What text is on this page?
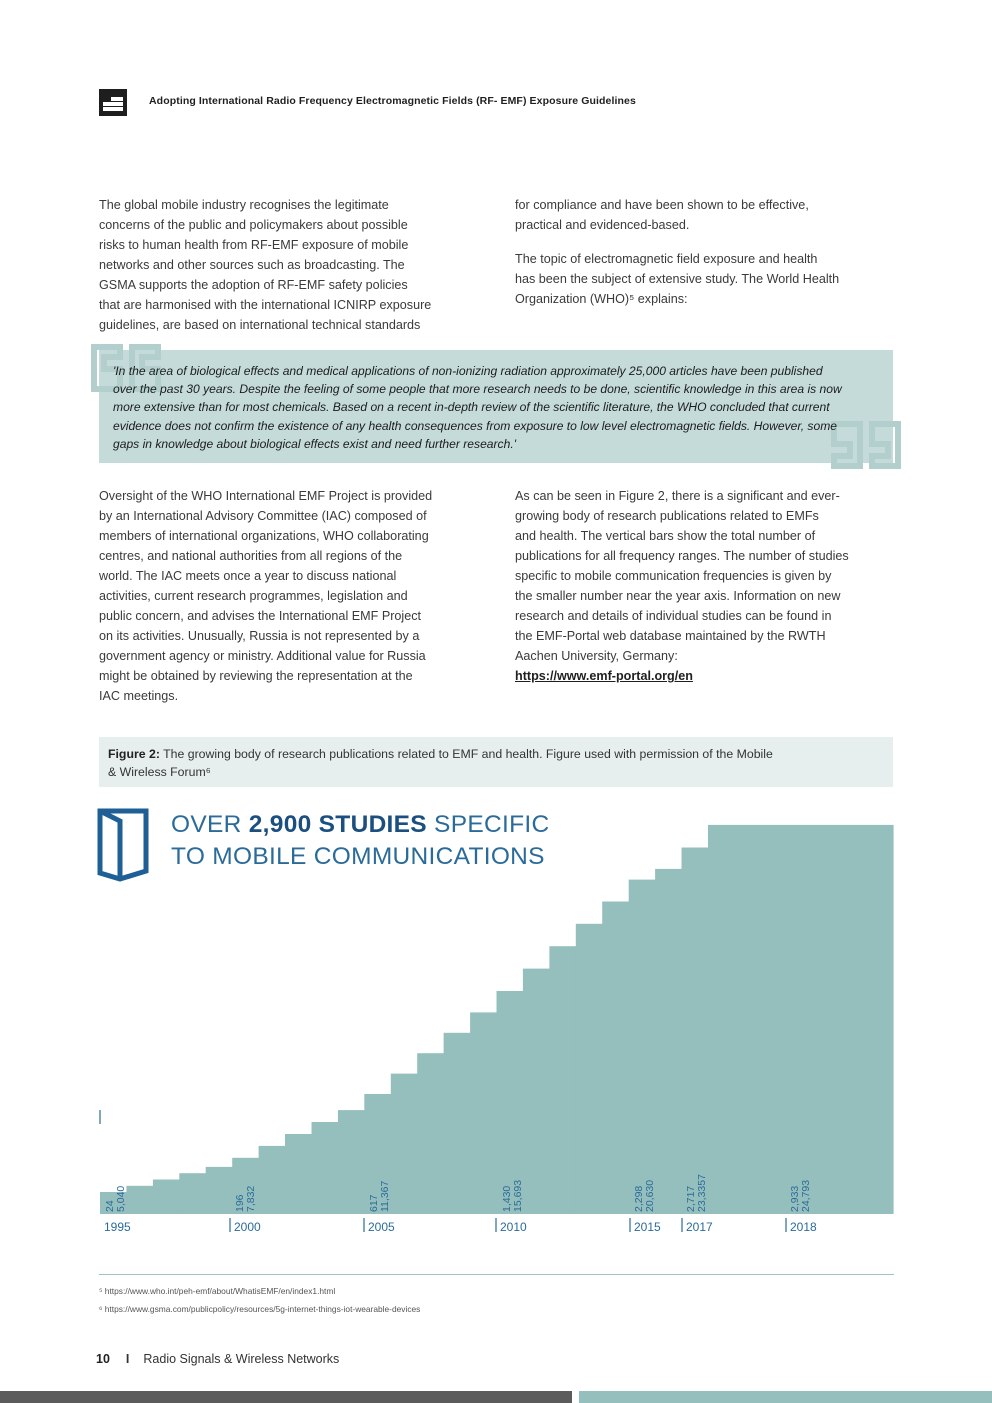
Adopting International Radio Frequency Electromagnetic Fields (RF- EMF) Exposure Guidelines

The global mobile industry recognises the legitimate
concerns of the public and policymakers about possible
risks to human health from RF-EMF exposure of mobile
networks and other sources such as broadcasting. The
GSMA supports the adoption of RF-EMF safety policies
that are harmonised with the international ICNIRP exposure
guidelines, are based on international technical standards

for compliance and have been shown to be effective,
practical and evidenced-based.

The topic of electromagnetic field exposure and health
has been the subject of extensive study. The World Health
Organization (WHO)⁵ explains:

'In the area of biological effects and medical applications of non-ionizing radiation approximately 25,000 articles have been published
over the past 30 years. Despite the feeling of some people that more research needs to be done, scientific knowledge in this area is now
more extensive than for most chemicals. Based on a recent in-depth review of the scientific literature, the WHO concluded that current
evidence does not confirm the existence of any health consequences from exposure to low level electromagnetic fields. However, some
gaps in knowledge about biological effects exist and need further research.'

Oversight of the WHO International EMF Project is provided
by an International Advisory Committee (IAC) composed of
members of international organizations, WHO collaborating
centres, and national authorities from all regions of the
world. The IAC meets once a year to discuss national
activities, current research programmes, legislation and
public concern, and advises the International EMF Project
on its activities. Unusually, Russia is not represented by a
government agency or ministry. Additional value for Russia
might be obtained by reviewing the representation at the
IAC meetings.

As can be seen in Figure 2, there is a significant and ever-
growing body of research publications related to EMFs
and health. The vertical bars show the total number of
publications for all frequency ranges. The number of studies
specific to mobile communication frequencies is given by
the smaller number near the year axis. Information on new
research and details of individual studies can be found in
the EMF-Portal web database maintained by the RWTH
Aachen University, Germany:
https://www.emf-portal.org/en

Figure 2: The growing body of research publications related to EMF and health. Figure used with permission of the Mobile
& Wireless Forum⁶
OVER 2,900 STUDIES SPECIFIC
TO MOBILE COMMUNICATIONS
1995	2000	2005	2010	2015 2017	2018
24 5,040	196 7,832	617 11,367	1,430 15,693	2,298 20,630	2,717 23,3357	2,933 24,793
⁵ https://www.who.int/peh-emf/about/WhatisEMF/en/index1.html
⁶ https://www.gsma.com/publicpolicy/resources/5g-internet-things-iot-wearable-devices
10 I Radio Signals & Wireless Networks
